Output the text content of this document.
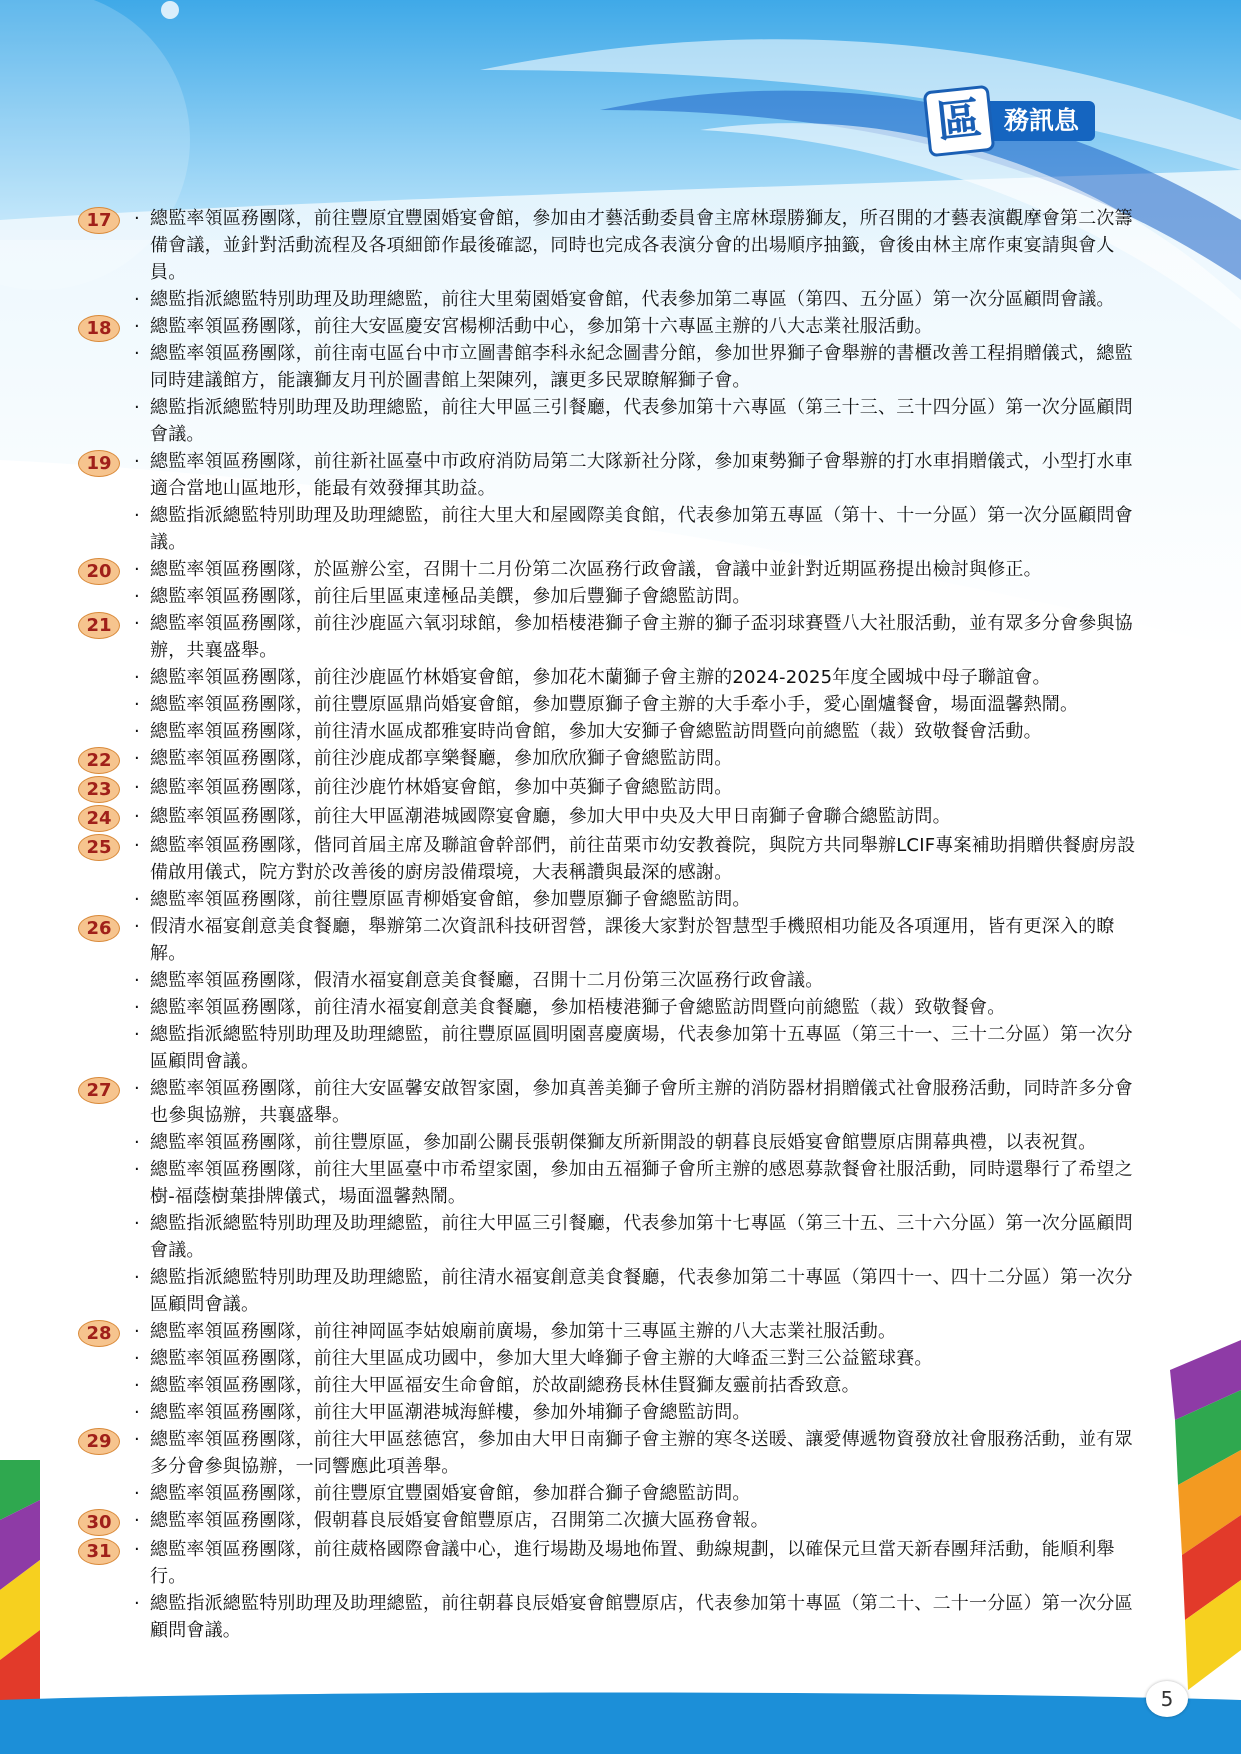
區 務訊息
17	· 總監率領區務團隊，前往豐原宜豐園婚宴會館，參加由才藝活動委員會主席林璟勝獅友，所召開的才藝表演觀摩會第二次籌備會議，並針對活動流程及各項細節作最後確認，同時也完成各表演分會的出場順序抽籤，會後由林主席作東宴請與會人員。
· 總監指派總監特別助理及助理總監，前往大里菊園婚宴會館，代表參加第二專區（第四、五分區）第一次分區顧問會議。
18	· 總監率領區務團隊，前往大安區慶安宮楊柳活動中心，參加第十六專區主辦的八大志業社服活動。
· 總監率領區務團隊，前往南屯區台中市立圖書館李科永紀念圖書分館，參加世界獅子會舉辦的書櫃改善工程捐贈儀式，總監同時建議館方，能讓獅友月刊於圖書館上架陳列，讓更多民眾瞭解獅子會。
· 總監指派總監特別助理及助理總監，前往大甲區三引餐廳，代表參加第十六專區（第三十三、三十四分區）第一次分區顧問會議。
19	· 總監率領區務團隊，前往新社區臺中市政府消防局第二大隊新社分隊，參加東勢獅子會舉辦的打水車捐贈儀式，小型打水車適合當地山區地形，能最有效發揮其助益。
· 總監指派總監特別助理及助理總監，前往大里大和屋國際美食館，代表參加第五專區（第十、十一分區）第一次分區顧問會議。
20	· 總監率領區務團隊，於區辦公室，召開十二月份第二次區務行政會議，會議中並針對近期區務提出檢討與修正。
· 總監率領區務團隊，前往后里區東達極品美饌，參加后豐獅子會總監訪問。
21	· 總監率領區務團隊，前往沙鹿區六氧羽球館，參加梧棲港獅子會主辦的獅子盃羽球賽暨八大社服活動，並有眾多分會參與協辦，共襄盛舉。
· 總監率領區務團隊，前往沙鹿區竹林婚宴會館，參加花木蘭獅子會主辦的2024-2025年度全國城中母子聯誼會。
· 總監率領區務團隊，前往豐原區鼎尚婚宴會館，參加豐原獅子會主辦的大手牽小手，愛心圍爐餐會，場面溫馨熱鬧。
· 總監率領區務團隊，前往清水區成都雅宴時尚會館，參加大安獅子會總監訪問暨向前總監（裁）致敬餐會活動。
22	· 總監率領區務團隊，前往沙鹿成都享樂餐廳，參加欣欣獅子會總監訪問。
23	· 總監率領區務團隊，前往沙鹿竹林婚宴會館，參加中英獅子會總監訪問。
24	· 總監率領區務團隊，前往大甲區潮港城國際宴會廳，參加大甲中央及大甲日南獅子會聯合總監訪問。
25	· 總監率領區務團隊，偕同首屆主席及聯誼會幹部們，前往苗栗市幼安教養院，與院方共同舉辦LCIF專案補助捐贈供餐廚房設備啟用儀式，院方對於改善後的廚房設備環境，大表稱讚與最深的感謝。
· 總監率領區務團隊，前往豐原區青柳婚宴會館，參加豐原獅子會總監訪問。
26	· 假清水福宴創意美食餐廳，舉辦第二次資訊科技研習營，課後大家對於智慧型手機照相功能及各項運用，皆有更深入的瞭解。
· 總監率領區務團隊，假清水福宴創意美食餐廳，召開十二月份第三次區務行政會議。
· 總監率領區務團隊，前往清水福宴創意美食餐廳，參加梧棲港獅子會總監訪問暨向前總監（裁）致敬餐會。
· 總監指派總監特別助理及助理總監，前往豐原區圓明園喜慶廣場，代表參加第十五專區（第三十一、三十二分區）第一次分區顧問會議。
27	· 總監率領區務團隊，前往大安區馨安啟智家園，參加真善美獅子會所主辦的消防器材捐贈儀式社會服務活動，同時許多分會也參與協辦，共襄盛舉。
· 總監率領區務團隊，前往豐原區，參加副公關長張朝傑獅友所新開設的朝暮良辰婚宴會館豐原店開幕典禮，以表祝賀。
· 總監率領區務團隊，前往大里區臺中市希望家園，參加由五福獅子會所主辦的感恩募款餐會社服活動，同時還舉行了希望之樹-福蔭樹葉掛牌儀式，場面溫馨熱鬧。
· 總監指派總監特別助理及助理總監，前往大甲區三引餐廳，代表參加第十七專區（第三十五、三十六分區）第一次分區顧問會議。
· 總監指派總監特別助理及助理總監，前往清水福宴創意美食餐廳，代表參加第二十專區（第四十一、四十二分區）第一次分區顧問會議。
28	· 總監率領區務團隊，前往神岡區李姑娘廟前廣場，參加第十三專區主辦的八大志業社服活動。
· 總監率領區務團隊，前往大里區成功國中，參加大里大峰獅子會主辦的大峰盃三對三公益籃球賽。
· 總監率領區務團隊，前往大甲區福安生命會館，於故副總務長林佳賢獅友靈前拈香致意。
· 總監率領區務團隊，前往大甲區潮港城海鮮樓，參加外埔獅子會總監訪問。
29	· 總監率領區務團隊，前往大甲區慈德宮，參加由大甲日南獅子會主辦的寒冬送暖、讓愛傳遞物資發放社會服務活動，並有眾多分會參與協辦，一同響應此項善舉。
· 總監率領區務團隊，前往豐原宜豐園婚宴會館，參加群合獅子會總監訪問。
30	· 總監率領區務團隊，假朝暮良辰婚宴會館豐原店，召開第二次擴大區務會報。
31	· 總監率領區務團隊，前往葳格國際會議中心，進行場勘及場地佈置、動線規劃，以確保元旦當天新春團拜活動，能順利舉行。
· 總監指派總監特別助理及助理總監，前往朝暮良辰婚宴會館豐原店，代表參加第十專區（第二十、二十一分區）第一次分區顧問會議。
5
